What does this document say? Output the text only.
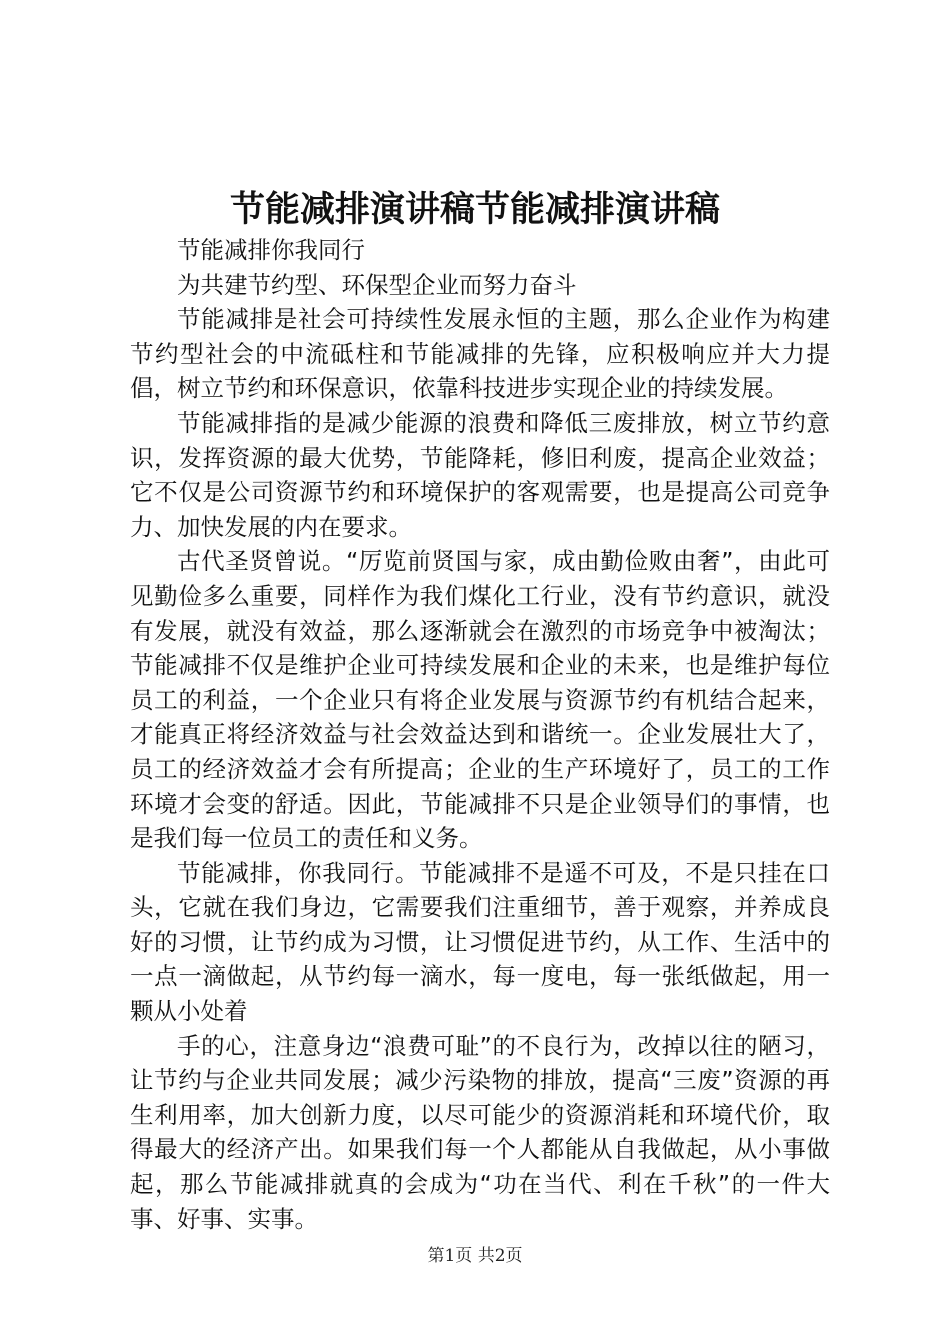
节能减排演讲稿节能减排演讲稿

节能减排你我同行

为共建节约型、环保型企业而努力奋斗

节能减排是社会可持续性发展永恒的主题，那么企业作为构建节约型社会的中流砥柱和节能减排的先锋，应积极响应并大力提倡，树立节约和环保意识，依靠科技进步实现企业的持续发展。

节能减排指的是减少能源的浪费和降低三废排放，树立节约意识，发挥资源的最大优势，节能降耗，修旧利废，提高企业效益；它不仅是公司资源节约和环境保护的客观需要，也是提高公司竞争力、加快发展的内在要求。

古代圣贤曾说。“厉览前贤国与家，成由勤俭败由奢”，由此可见勤俭多么重要，同样作为我们煤化工行业，没有节约意识，就没有发展，就没有效益，那么逐渐就会在激烈的市场竞争中被淘汰；节能减排不仅是维护企业可持续发展和企业的未来，也是维护每位员工的利益，一个企业只有将企业发展与资源节约有机结合起来，才能真正将经济效益与社会效益达到和谐统一。企业发展壮大了，员工的经济效益才会有所提高；企业的生产环境好了，员工的工作环境才会变的舒适。因此，节能减排不只是企业领导们的事情，也是我们每一位员工的责任和义务。

节能减排，你我同行。节能减排不是遥不可及，不是只挂在口头，它就在我们身边，它需要我们注重细节，善于观察，并养成良好的习惯，让节约成为习惯，让习惯促进节约，从工作、生活中的一点一滴做起，从节约每一滴水，每一度电，每一张纸做起，用一颗从小处着

手的心，注意身边“浪费可耻”的不良行为，改掉以往的陋习，让节约与企业共同发展；减少污染物的排放，提高“三废”资源的再生利用率，加大创新力度，以尽可能少的资源消耗和环境代价，取得最大的经济产出。如果我们每一个人都能从自我做起，从小事做起，那么节能减排就真的会成为“功在当代、利在千秋”的一件大事、好事、实事。

第1页 共2页
